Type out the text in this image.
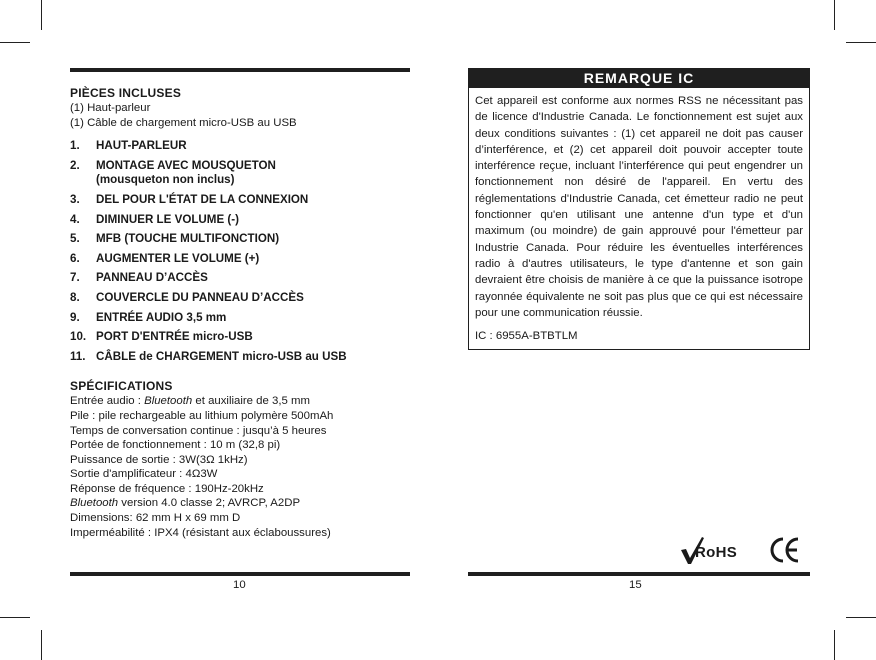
PIÈCES INCLUSES
(1) Haut-parleur
(1) Câble de chargement micro-USB au USB
1.	HAUT-PARLEUR
2.	MONTAGE AVEC MOUSQUETON
(mousqueton non inclus)
3.	DEL POUR L'ÉTAT DE LA CONNEXION
4.	DIMINUER LE VOLUME (-)
5.	MFB (TOUCHE MULTIFONCTION)
6.	AUGMENTER LE VOLUME (+)
7.	PANNEAU D’ACCÈS
8.	COUVERCLE DU PANNEAU D’ACCÈS
9.	ENTRÉE AUDIO 3,5 mm
10. PORT D'ENTRÉE micro-USB
11. CÂBLE de CHARGEMENT micro-USB au USB
SPÉCIFICATIONS
Entrée audio : Bluetooth et auxiliaire de 3,5 mm
Pile : pile rechargeable au lithium polymère 500mAh
Temps de conversation continue : jusqu’à 5 heures
Portée de fonctionnement : 10 m (32,8 pi)
Puissance de sortie : 3W(3Ω 1kHz)
Sortie d'amplificateur : 4Ω3W
Réponse de fréquence : 190Hz-20kHz
Bluetooth version 4.0 classe 2; AVRCP, A2DP
Dimensions: 62 mm H x 69 mm D
Imperméabilité : IPX4 (résistant aux éclaboussures)
10
REMARQUE IC
Cet appareil est conforme aux normes RSS ne nécessitant pas de licence d'Industrie Canada. Le fonctionnement est sujet aux deux conditions suivantes : (1) cet appareil ne doit pas causer d’interférence, et (2) cet appareil doit pouvoir accepter toute interférence reçue, incluant l’interférence qui peut engendrer un fonctionnement non désiré de l'appareil. En vertu des réglementations d'Industrie Canada, cet émetteur radio ne peut fonctionner qu'en utilisant une antenne d'un type et d'un maximum (ou moindre) de gain approuvé pour l'émetteur par Industrie Canada. Pour réduire les éventuelles interférences radio à d'autres utilisateurs, le type d'antenne et son gain devraient être choisis de manière à ce que la puissance isotrope rayonnée équivalente ne soit pas plus que ce qui est nécessaire pour une communication réussie.
IC : 6955A-BTBTLM
RoHS
15
